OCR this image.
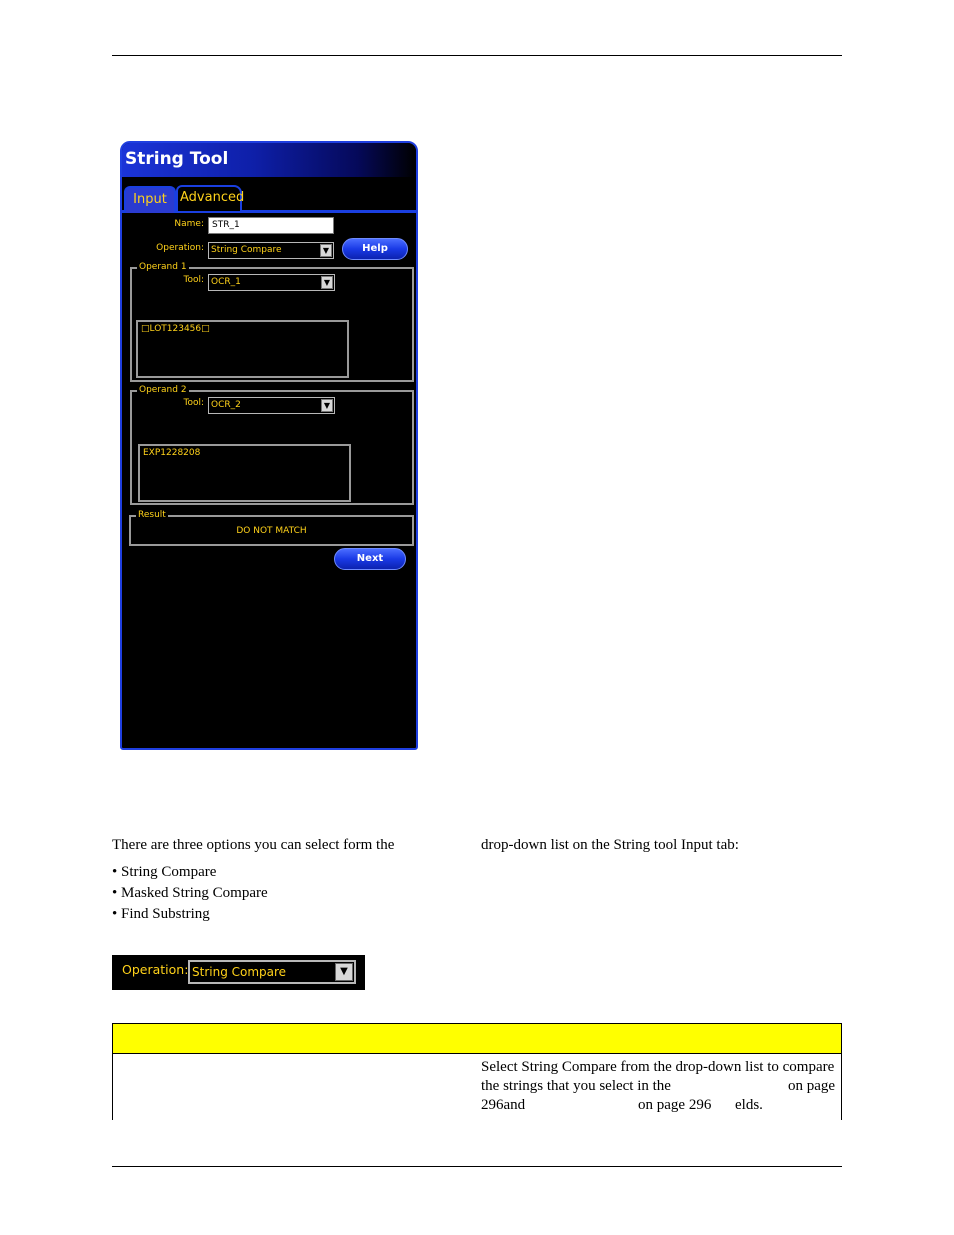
String Tool
Input	Advanced
Name: STR_1
Operation: String Compare	▼	Help
Operand 1
Tool: OCR_1	▼
□LOT123456□
Operand 2
Tool: OCR_2	▼
EXP1228208
Result
DO NOT MATCH
Next
There are three options you can select form the	drop-down list on the String tool Input tab:
• String Compare
• Masked String Compare
• Find Substring
Operation: String Compare	▼
Select String Compare from the drop-down list to compare
the strings that you select in the	on page
296and	on page 296 elds.
